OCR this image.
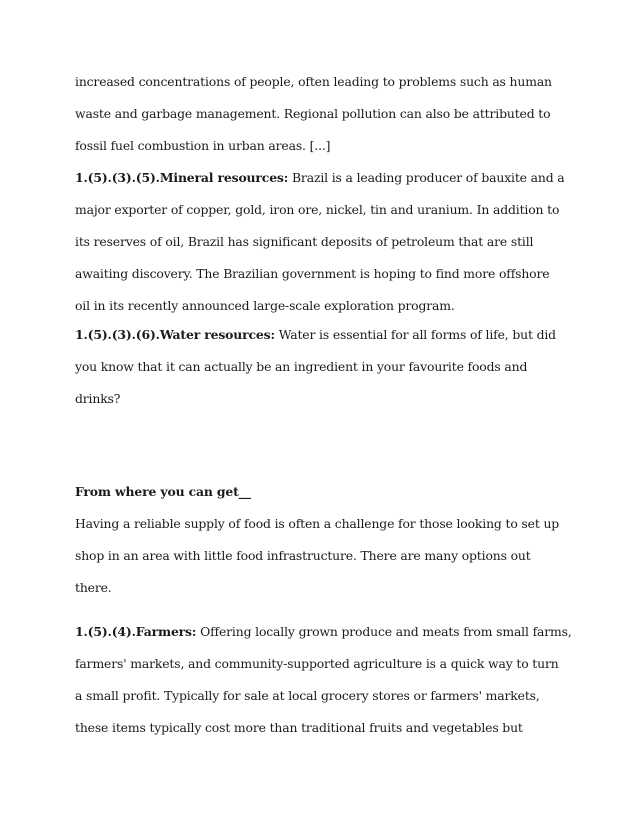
increased concentrations of people, often leading to problems such as human
waste and garbage management. Regional pollution can also be attributed to
fossil fuel combustion in urban areas. [...]
1.(5).(3).(5).Mineral resources: Brazil is a leading producer of bauxite and a
major exporter of copper, gold, iron ore, nickel, tin and uranium. In addition to
its reserves of oil, Brazil has significant deposits of petroleum that are still
awaiting discovery. The Brazilian government is hoping to find more offshore
oil in its recently announced large-scale exploration program.
1.(5).(3).(6).Water resources: Water is essential for all forms of life, but did
you know that it can actually be an ingredient in your favourite foods and
drinks?
From where you can get__
Having a reliable supply of food is often a challenge for those looking to set up
shop in an area with little food infrastructure. There are many options out
there.
1.(5).(4).Farmers: Offering locally grown produce and meats from small farms,
farmers' markets, and community-supported agriculture is a quick way to turn
a small profit. Typically for sale at local grocery stores or farmers' markets,
these items typically cost more than traditional fruits and vegetables but
